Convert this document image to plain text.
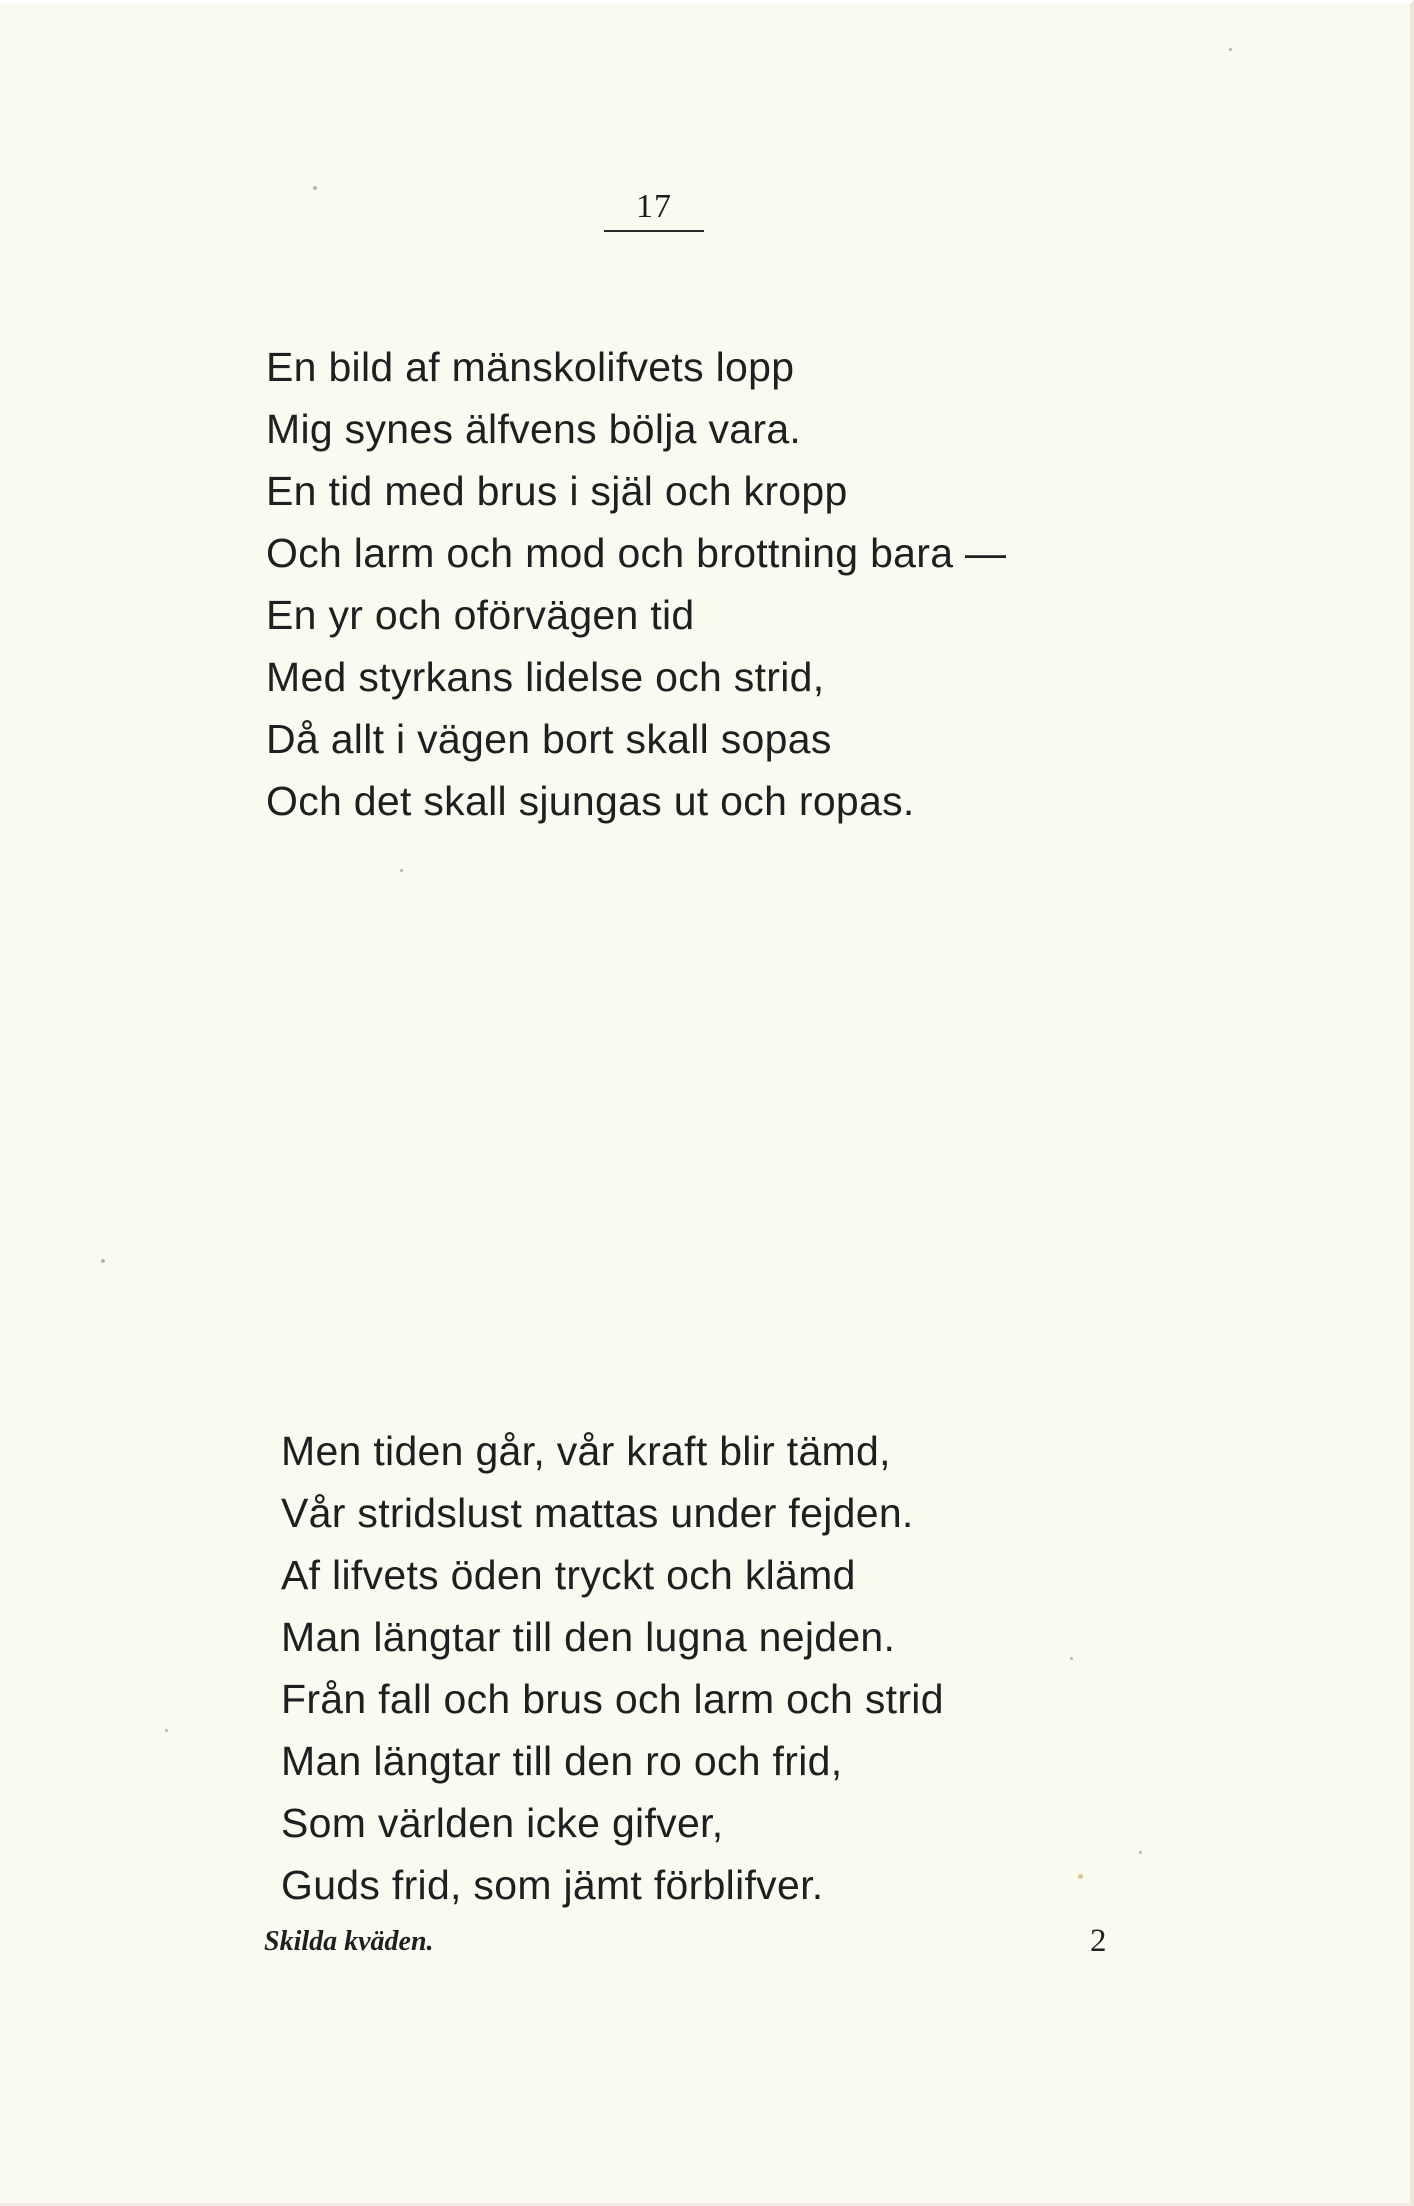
17
En bild af mänskolifvets lopp
Mig synes älfvens bölja vara.
En tid med brus i själ och kropp
Och larm och mod och brottning bara —
En yr och oförvägen tid
Med styrkans lidelse och strid,
Då allt i vägen bort skall sopas
Och det skall sjungas ut och ropas.
Men tiden går, vår kraft blir tämd,
Vår stridslust mattas under fejden.
Af lifvets öden tryckt och klämd
Man längtar till den lugna nejden.
Från fall och brus och larm och strid
Man längtar till den ro och frid,
Som världen icke gifver,
Guds frid, som jämt förblifver.
Skilda kväden.	2
